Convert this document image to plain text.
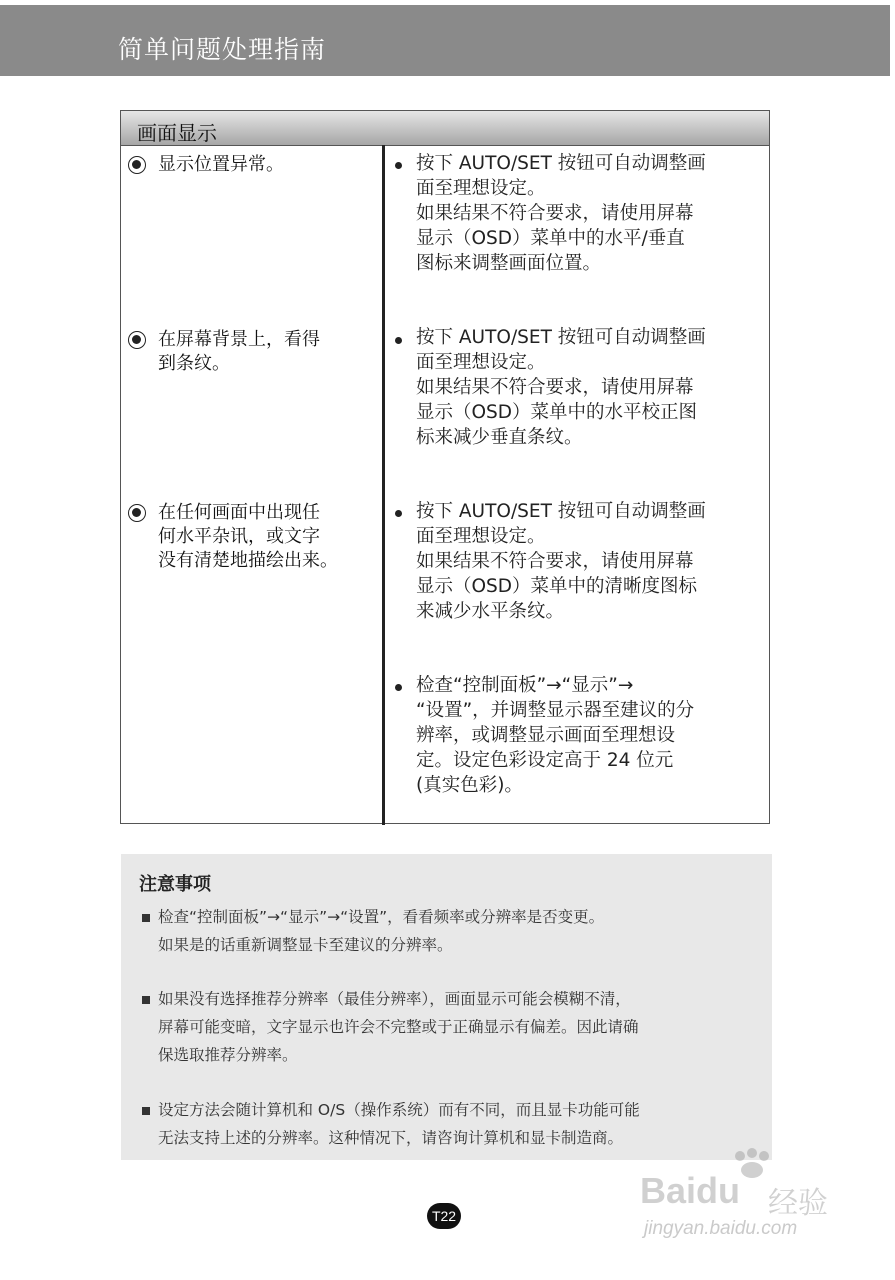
简单问题处理指南
画面显示
显示位置异常。	按下 AUTO/SET 按钮可自动调整画
面至理想设定。
如果结果不符合要求，请使用屏幕
显示（OSD）菜单中的水平/垂直
图标来调整画面位置。
在屏幕背景上，看得
到条纹。
按下 AUTO/SET 按钮可自动调整画
面至理想设定。
如果结果不符合要求，请使用屏幕
显示（OSD）菜单中的水平校正图
标来减少垂直条纹。
在任何画面中出现任
何水平杂讯，或文字
没有清楚地描绘出来。
按下 AUTO/SET 按钮可自动调整画
面至理想设定。
如果结果不符合要求，请使用屏幕
显示（OSD）菜单中的清晰度图标
来减少水平条纹。
检查“控制面板”→“显示”→
“设置”，并调整显示器至建议的分
辨率，或调整显示画面至理想设
定。设定色彩设定高于 24 位元
(真实色彩)。
注意事项
检查“控制面板”→“显示”→“设置”，看看频率或分辨率是否变更。
如果是的话重新调整显卡至建议的分辨率。
如果没有选择推荐分辨率（最佳分辨率），画面显示可能会模糊不清，
屏幕可能变暗，文字显示也许会不完整或于正确显示有偏差。因此请确
保选取推荐分辨率。
设定方法会随计算机和 O/S（操作系统）而有不同，而且显卡功能可能
无法支持上述的分辨率。这种情况下，请咨询计算机和显卡制造商。
T22
Baidu 经验
jingyan.baidu.com
